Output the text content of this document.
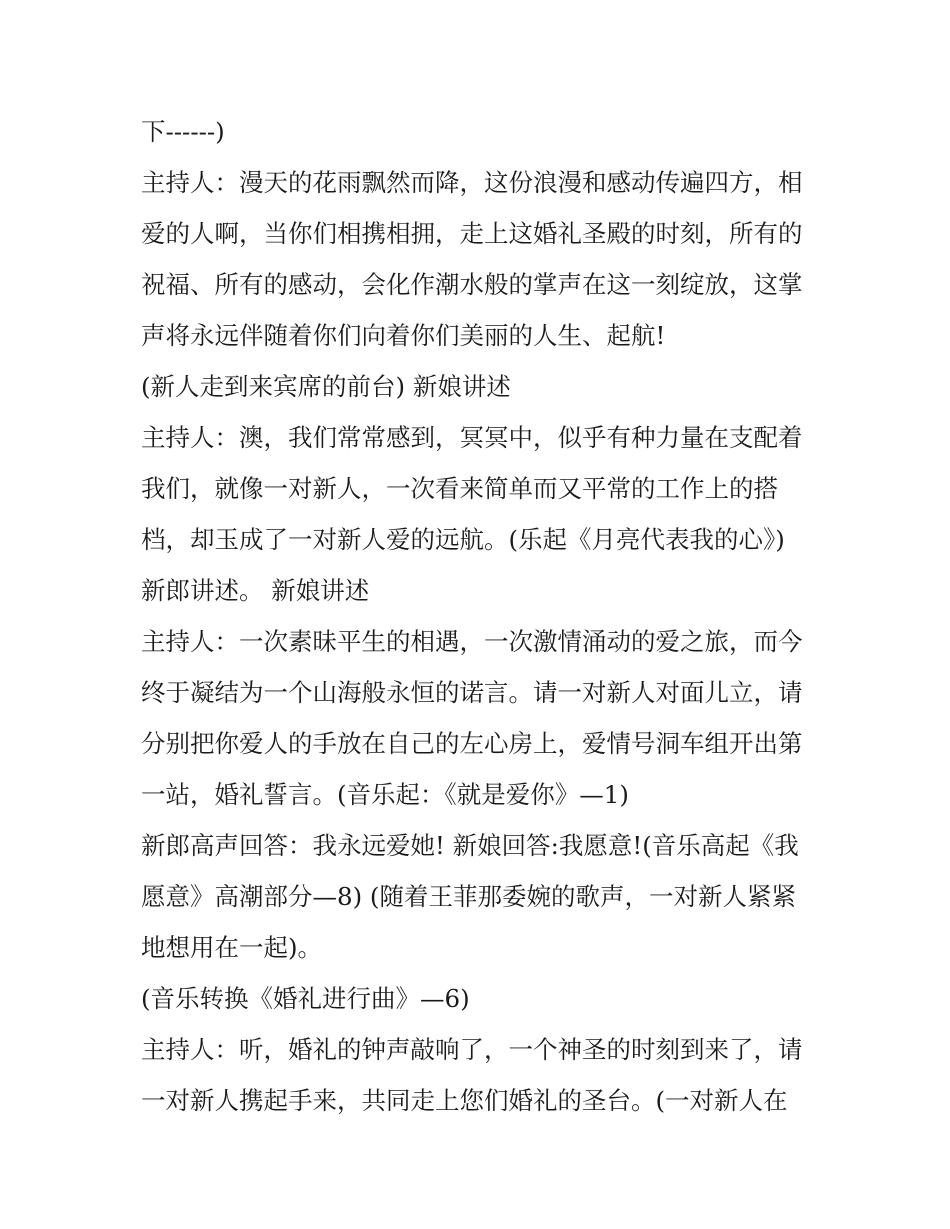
下------)
主持人：漫天的花雨飘然而降，这份浪漫和感动传遍四方，相
爱的人啊，当你们相携相拥，走上这婚礼圣殿的时刻，所有的
祝福、所有的感动，会化作潮水般的掌声在这一刻绽放，这掌
声将永远伴随着你们向着你们美丽的人生、起航!
(新人走到来宾席的前台) 新娘讲述
主持人：澳，我们常常感到，冥冥中，似乎有种力量在支配着
我们，就像一对新人，一次看来简单而又平常的工作上的搭
档，却玉成了一对新人爱的远航。(乐起《月亮代表我的心》)
新郎讲述。 新娘讲述
主持人：一次素昧平生的相遇，一次激情涌动的爱之旅，而今
终于凝结为一个山海般永恒的诺言。请一对新人对面儿立，请
分别把你爱人的手放在自己的左心房上，爱情号洞车组开出第
一站，婚礼誓言。(音乐起：《就是爱你》—1)
新郎高声回答：我永远爱她! 新娘回答:我愿意!(音乐高起《我
愿意》高潮部分—8) (随着王菲那委婉的歌声，一对新人紧紧
地想用在一起)。
(音乐转换《婚礼进行曲》—6)
主持人：听，婚礼的钟声敲响了，一个神圣的时刻到来了，请
一对新人携起手来，共同走上您们婚礼的圣台。(一对新人在
